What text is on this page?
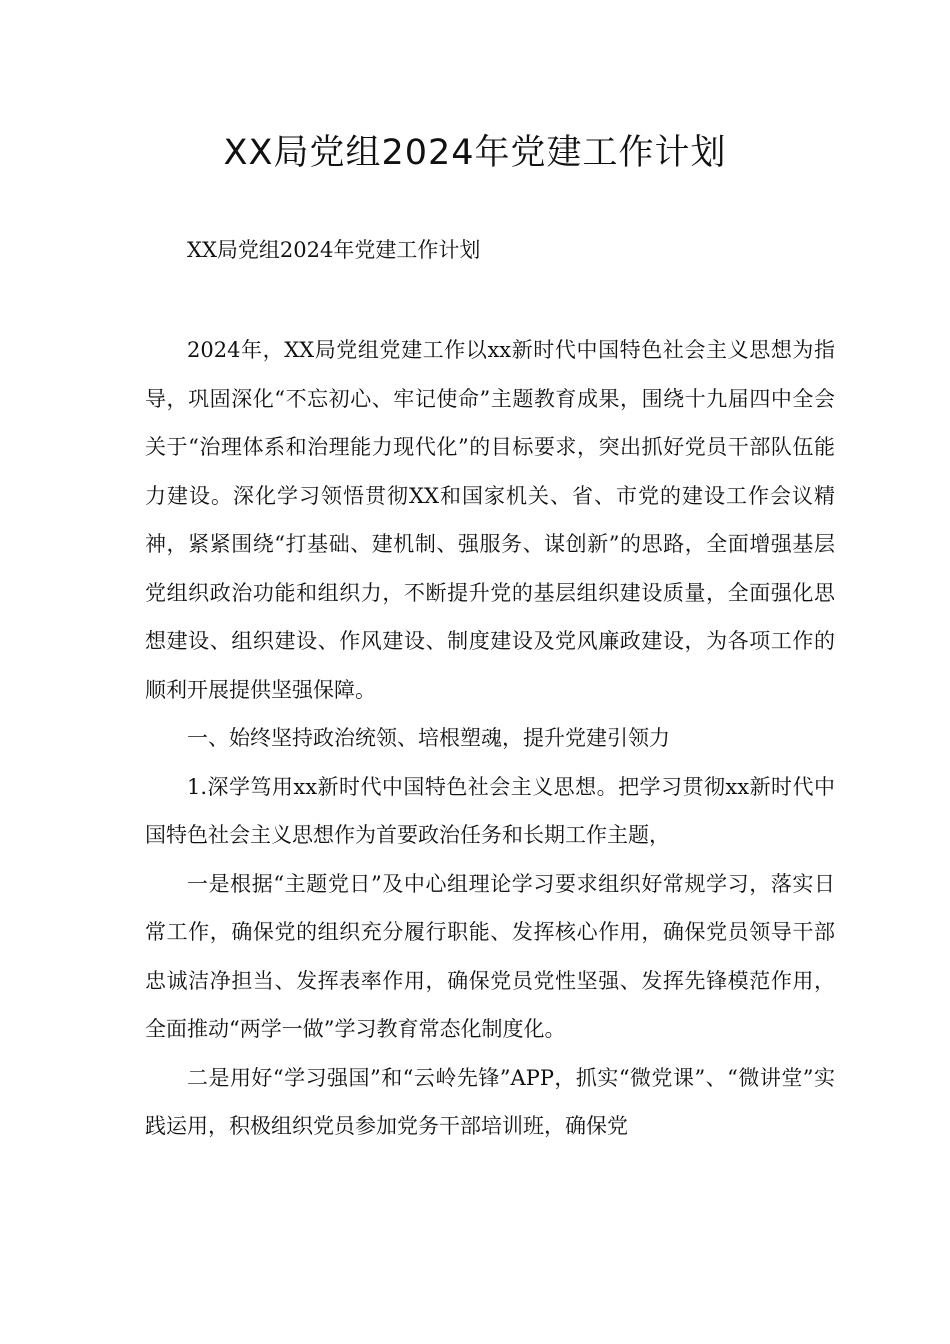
XX局党组2024年党建工作计划

XX局党组2024年党建工作计划

2024年，XX局党组党建工作以xx新时代中国特色社会主义思想为指导，巩固深化“不忘初心、牢记使命”主题教育成果，围绕十九届四中全会关于“治理体系和治理能力现代化”的目标要求，突出抓好党员干部队伍能力建设。深化学习领悟贯彻XX和国家机关、省、市党的建设工作会议精神，紧紧围绕“打基础、建机制、强服务、谋创新”的思路，全面增强基层党组织政治功能和组织力，不断提升党的基层组织建设质量，全面强化思想建设、组织建设、作风建设、制度建设及党风廉政建设，为各项工作的顺利开展提供坚强保障。

一、始终坚持政治统领、培根塑魂，提升党建引领力

1.深学笃用xx新时代中国特色社会主义思想。把学习贯彻xx新时代中国特色社会主义思想作为首要政治任务和长期工作主题，

一是根据“主题党日”及中心组理论学习要求组织好常规学习，落实日常工作，确保党的组织充分履行职能、发挥核心作用，确保党员领导干部忠诚洁净担当、发挥表率作用，确保党员党性坚强、发挥先锋模范作用，全面推动“两学一做”学习教育常态化制度化。

二是用好“学习强国”和“云岭先锋”APP，抓实“微党课”、“微讲堂”实践运用，积极组织党员参加党务干部培训班，确保党
